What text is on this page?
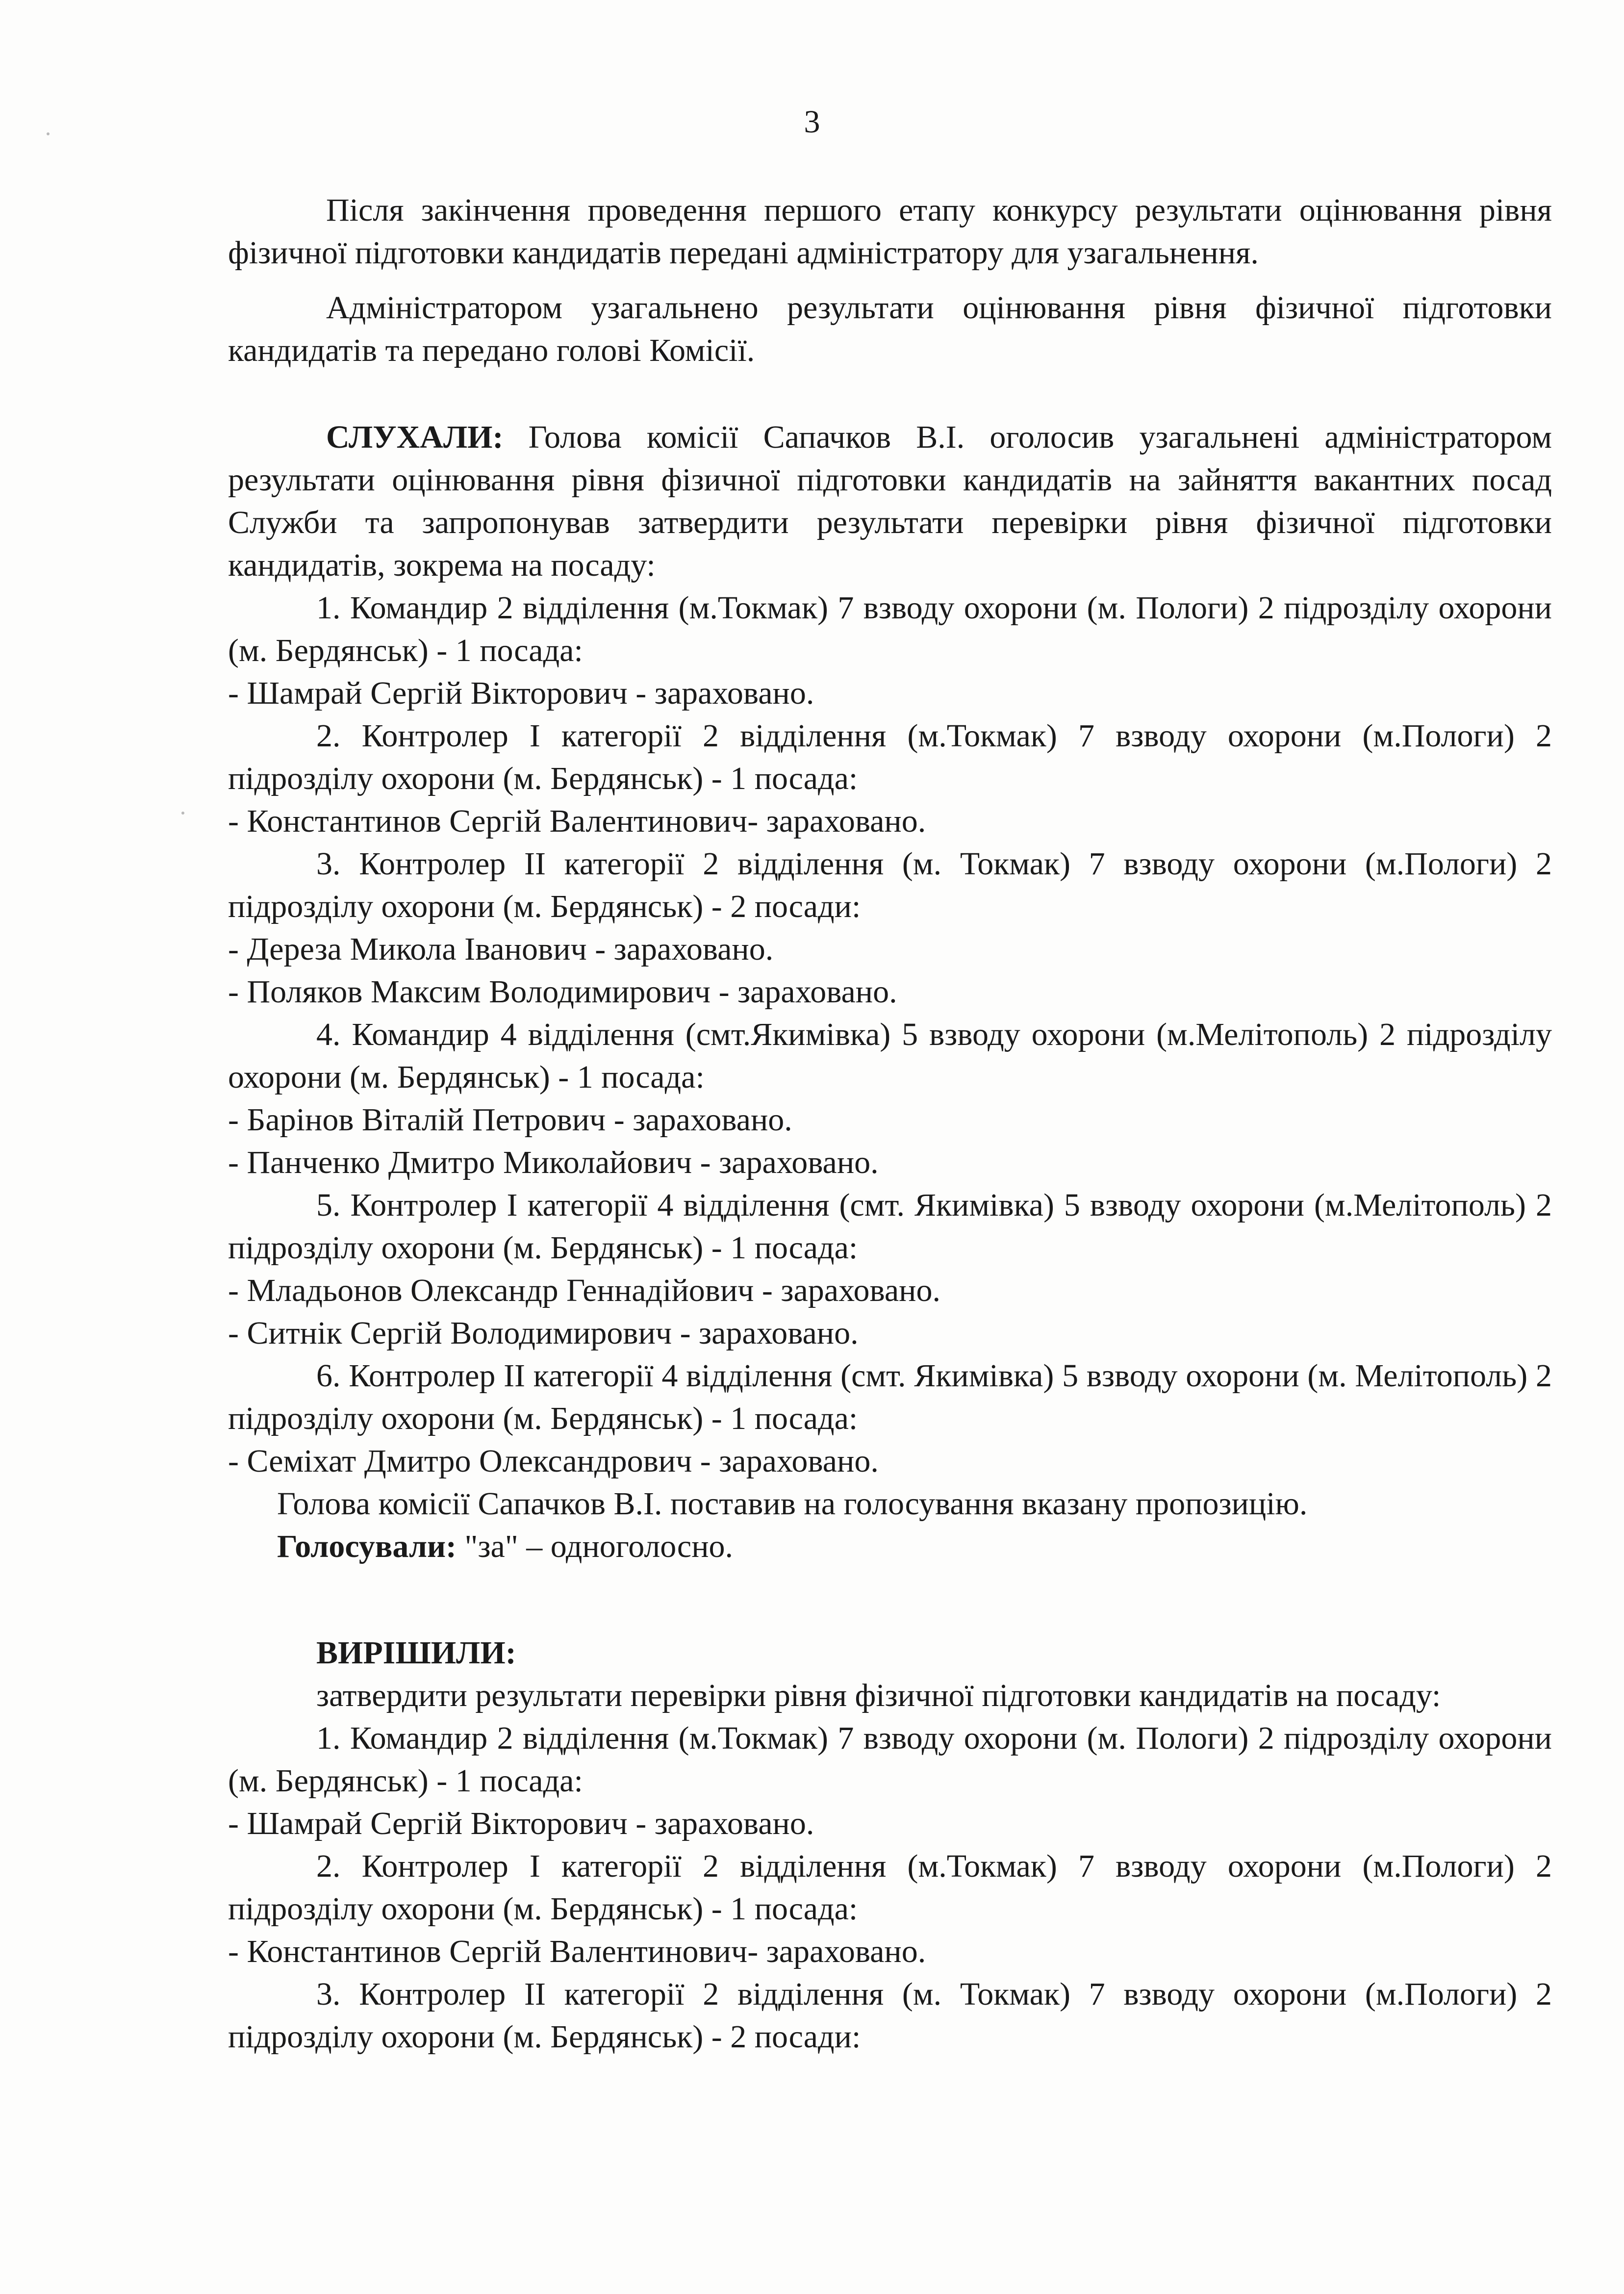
3

Після закінчення проведення першого етапу конкурсу результати оцінювання рівня фізичної підготовки кандидатів передані адміністратору для узагальнення.

Адміністратором узагальнено результати оцінювання рівня фізичної підготовки кандидатів та передано голові Комісії.

СЛУХАЛИ: Голова комісії Сапачков В.І. оголосив узагальнені адміністратором результати оцінювання рівня фізичної підготовки кандидатів на зайняття вакантних посад Служби та запропонував затвердити результати перевірки рівня фізичної підготовки кандидатів, зокрема на посаду:

1. Командир 2 відділення (м.Токмак) 7 взводу охорони (м. Пологи) 2 підрозділу охорони (м. Бердянськ) - 1 посада:

- Шамрай Сергій Вікторович - зараховано.

2. Контролер І категорії 2 відділення (м.Токмак) 7 взводу охорони (м.Пологи) 2 підрозділу охорони (м. Бердянськ) - 1 посада:

- Константинов Сергій Валентинович- зараховано.

3. Контролер ІІ категорії 2 відділення (м. Токмак) 7 взводу охорони (м.Пологи) 2 підрозділу охорони (м. Бердянськ) - 2 посади:

- Дереза Микола Іванович - зараховано.

- Поляков Максим Володимирович - зараховано.

4. Командир 4 відділення (смт.Якимівка) 5 взводу охорони (м.Мелітополь) 2 підрозділу охорони (м. Бердянськ) - 1 посада:

- Барінов Віталій Петрович - зараховано.

- Панченко Дмитро Миколайович - зараховано.

5. Контролер І категорії 4 відділення (смт. Якимівка) 5 взводу охорони (м.Мелітополь) 2 підрозділу охорони (м. Бердянськ) - 1 посада:

- Младьонов Олександр Геннадійович - зараховано.

- Ситнік Сергій Володимирович - зараховано.

6. Контролер ІІ категорії 4 відділення (смт. Якимівка) 5 взводу охорони (м. Мелітополь) 2 підрозділу охорони (м. Бердянськ) - 1 посада:

- Семіхат Дмитро Олександрович - зараховано.

Голова комісії Сапачков В.І. поставив на голосування вказану пропозицію.

Голосували: "за" – одноголосно.

ВИРІШИЛИ:

затвердити результати перевірки рівня фізичної підготовки кандидатів на посаду:

1. Командир 2 відділення (м.Токмак) 7 взводу охорони (м. Пологи) 2 підрозділу охорони (м. Бердянськ) - 1 посада:

- Шамрай Сергій Вікторович - зараховано.

2. Контролер І категорії 2 відділення (м.Токмак) 7 взводу охорони (м.Пологи) 2 підрозділу охорони (м. Бердянськ) - 1 посада:

- Константинов Сергій Валентинович- зараховано.

3. Контролер ІІ категорії 2 відділення (м. Токмак) 7 взводу охорони (м.Пологи) 2 підрозділу охорони (м. Бердянськ) - 2 посади:
